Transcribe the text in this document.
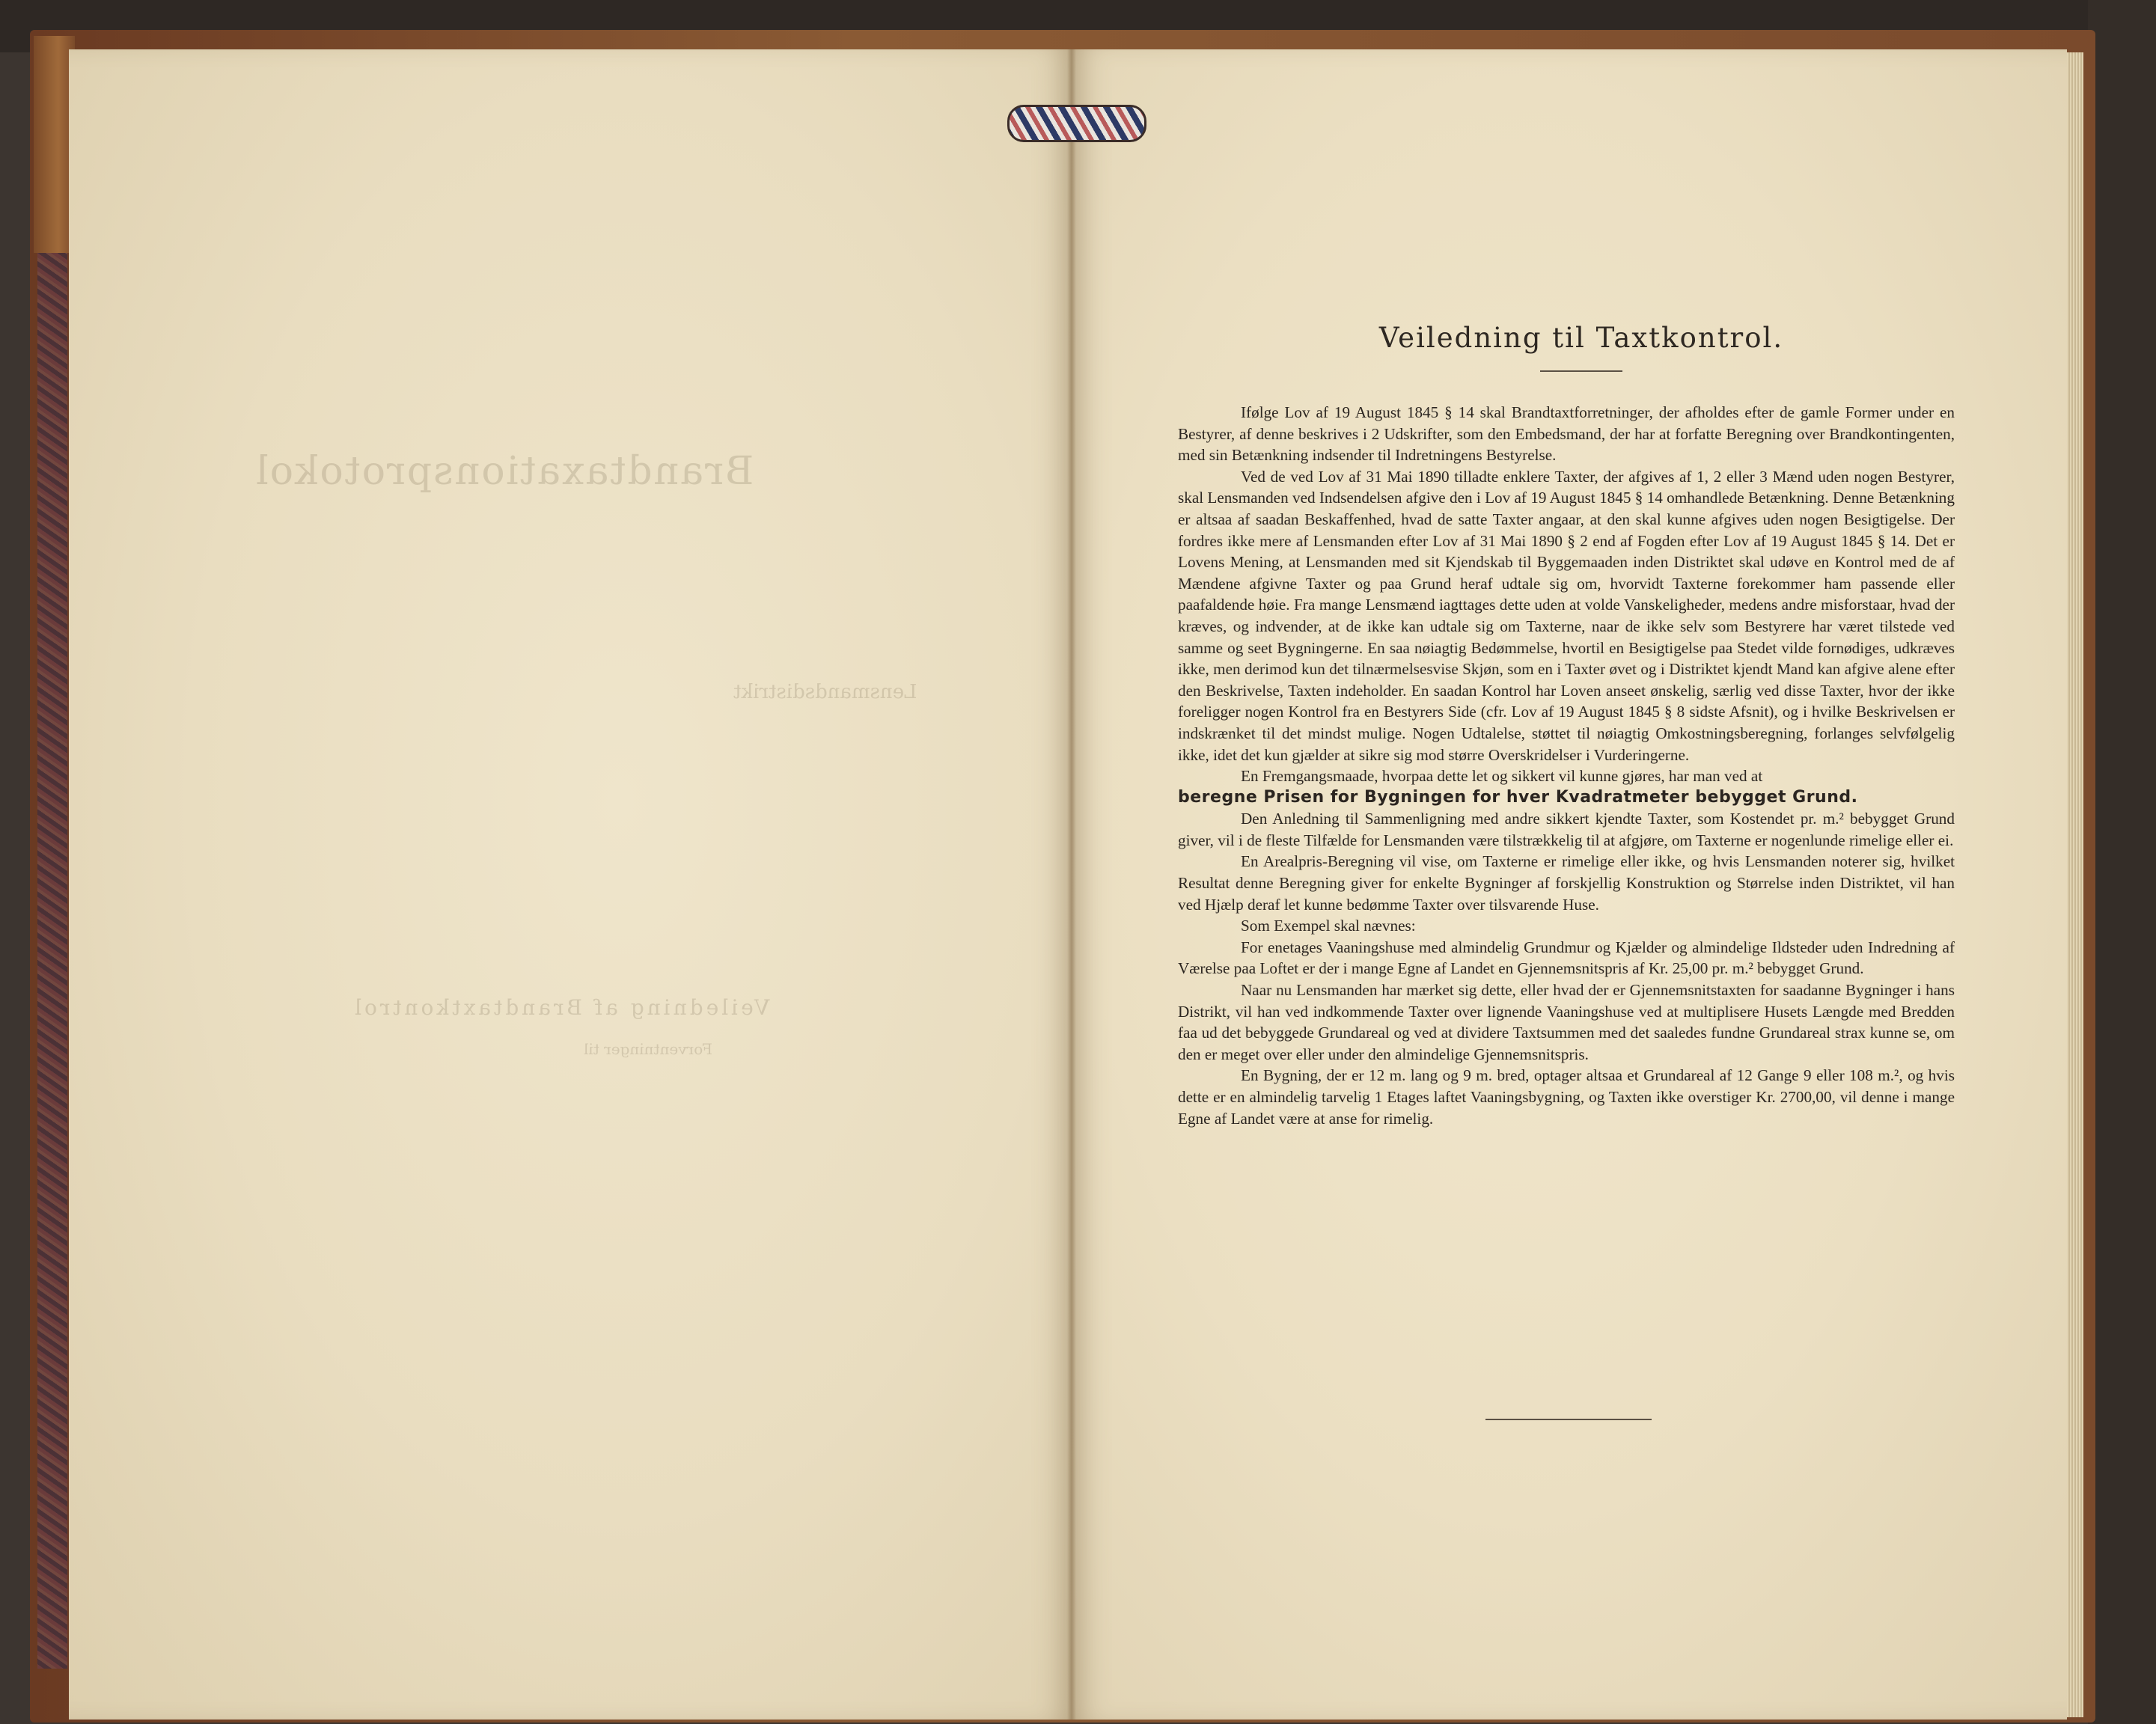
Brandtaxationsprotokol
Lensmandsdistrikt
Veiledning af Brandtaxtkontrol
Forventninger til
Veiledning til Taxtkontrol.

Ifølge Lov af 19 August 1845 § 14 skal Brandtaxtforretninger, der afholdes efter de gamle Former under en Bestyrer, af denne beskrives i 2 Udskrifter, som den Embedsmand, der har at forfatte Beregning over Brandkontingenten, med sin Betænkning indsender til Indretningens Bestyrelse.

Ved de ved Lov af 31 Mai 1890 tilladte enklere Taxter, der afgives af 1, 2 eller 3 Mænd uden nogen Bestyrer, skal Lensmanden ved Indsendelsen afgive den i Lov af 19 August 1845 § 14 omhandlede Betænkning. Denne Betænkning er altsaa af saadan Beskaffenhed, hvad de satte Taxter angaar, at den skal kunne afgives uden nogen Besigtigelse. Der fordres ikke mere af Lensmanden efter Lov af 31 Mai 1890 § 2 end af Fogden efter Lov af 19 August 1845 § 14. Det er Lovens Mening, at Lensmanden med sit Kjendskab til Byggemaaden inden Distriktet skal udøve en Kontrol med de af Mændene afgivne Taxter og paa Grund heraf udtale sig om, hvorvidt Taxterne forekommer ham passende eller paafaldende høie. Fra mange Lensmænd iagttages dette uden at volde Vanskeligheder, medens andre misforstaar, hvad der kræves, og indvender, at de ikke kan udtale sig om Taxterne, naar de ikke selv som Bestyrere har været tilstede ved samme og seet Bygningerne. En saa nøiagtig Bedømmelse, hvortil en Besigtigelse paa Stedet vilde fornødiges, udkræves ikke, men derimod kun det tilnærmelsesvise Skjøn, som en i Taxter øvet og i Distriktet kjendt Mand kan afgive alene efter den Beskrivelse, Taxten indeholder. En saadan Kontrol har Loven anseet ønskelig, særlig ved disse Taxter, hvor der ikke foreligger nogen Kontrol fra en Bestyrers Side (cfr. Lov af 19 August 1845 § 8 sidste Afsnit), og i hvilke Beskrivelsen er indskrænket til det mindst mulige. Nogen Udtalelse, støttet til nøiagtig Omkostningsberegning, forlanges selvfølgelig ikke, idet det kun gjælder at sikre sig mod større Overskridelser i Vurderingerne.

En Fremgangsmaade, hvorpaa dette let og sikkert vil kunne gjøres, har man ved at

beregne Prisen for Bygningen for hver Kvadratmeter bebygget Grund.

Den Anledning til Sammenligning med andre sikkert kjendte Taxter, som Kostendet pr. m.² bebygget Grund giver, vil i de fleste Tilfælde for Lensmanden være tilstrækkelig til at afgjøre, om Taxterne er nogenlunde rimelige eller ei.

En Arealpris-Beregning vil vise, om Taxterne er rimelige eller ikke, og hvis Lensmanden noterer sig, hvilket Resultat denne Beregning giver for enkelte Bygninger af forskjellig Konstruktion og Størrelse inden Distriktet, vil han ved Hjælp deraf let kunne bedømme Taxter over tilsvarende Huse.

Som Exempel skal nævnes:

For enetages Vaaningshuse med almindelig Grundmur og Kjælder og almindelige Ildsteder uden Indredning af Værelse paa Loftet er der i mange Egne af Landet en Gjennemsnitspris af Kr. 25,00 pr. m.² bebygget Grund.

Naar nu Lensmanden har mærket sig dette, eller hvad der er Gjennemsnitstaxten for saadanne Bygninger i hans Distrikt, vil han ved indkommende Taxter over lignende Vaaningshuse ved at multiplisere Husets Længde med Bredden faa ud det bebyggede Grundareal og ved at dividere Taxtsummen med det saaledes fundne Grundareal strax kunne se, om den er meget over eller under den almindelige Gjennemsnitspris.

En Bygning, der er 12 m. lang og 9 m. bred, optager altsaa et Grundareal af 12 Gange 9 eller 108 m.², og hvis dette er en almindelig tarvelig 1 Etages laftet Vaaningsbygning, og Taxten ikke overstiger Kr. 2700,00, vil denne i mange Egne af Landet være at anse for rimelig.
